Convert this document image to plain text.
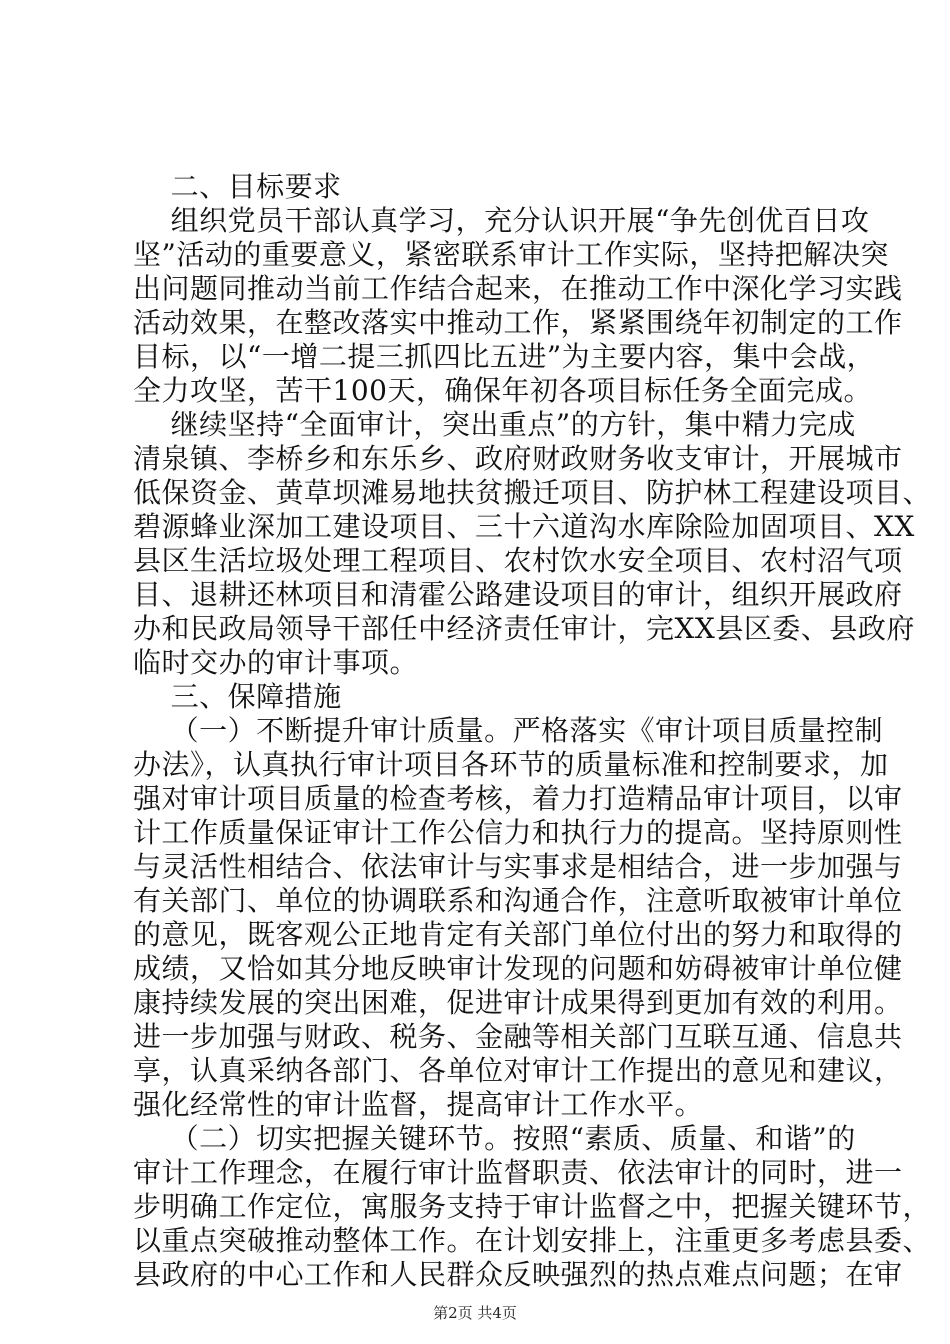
二、目标要求
组织党员干部认真学习，充分认识开展“争先创优百日攻
坚”活动的重要意义，紧密联系审计工作实际，坚持把解决突
出问题同推动当前工作结合起来，在推动工作中深化学习实践
活动效果，在整改落实中推动工作，紧紧围绕年初制定的工作
目标，以“一增二提三抓四比五进”为主要内容，集中会战，
全力攻坚，苦干100天，确保年初各项目标任务全面完成。
继续坚持“全面审计，突出重点”的方针，集中精力完成
清泉镇、李桥乡和东乐乡、政府财政财务收支审计，开展城市
低保资金、黄草坝滩易地扶贫搬迁项目、防护林工程建设项目、
碧源蜂业深加工建设项目、三十六道沟水库除险加固项目、XX
县区生活垃圾处理工程项目、农村饮水安全项目、农村沼气项
目、退耕还林项目和清霍公路建设项目的审计，组织开展政府
办和民政局领导干部任中经济责任审计，完XX县区委、县政府
临时交办的审计事项。
三、保障措施
（一）不断提升审计质量。严格落实《审计项目质量控制
办法》，认真执行审计项目各环节的质量标准和控制要求，加
强对审计项目质量的检查考核，着力打造精品审计项目，以审
计工作质量保证审计工作公信力和执行力的提高。坚持原则性
与灵活性相结合、依法审计与实事求是相结合，进一步加强与
有关部门、单位的协调联系和沟通合作，注意听取被审计单位
的意见，既客观公正地肯定有关部门单位付出的努力和取得的
成绩，又恰如其分地反映审计发现的问题和妨碍被审计单位健
康持续发展的突出困难，促进审计成果得到更加有效的利用。
进一步加强与财政、税务、金融等相关部门互联互通、信息共
享，认真采纳各部门、各单位对审计工作提出的意见和建议，
强化经常性的审计监督，提高审计工作水平。
（二）切实把握关键环节。按照“素质、质量、和谐”的
审计工作理念，在履行审计监督职责、依法审计的同时，进一
步明确工作定位，寓服务支持于审计监督之中，把握关键环节，
以重点突破推动整体工作。在计划安排上，注重更多考虑县委、
县政府的中心工作和人民群众反映强烈的热点难点问题；在审
第2页 共4页
